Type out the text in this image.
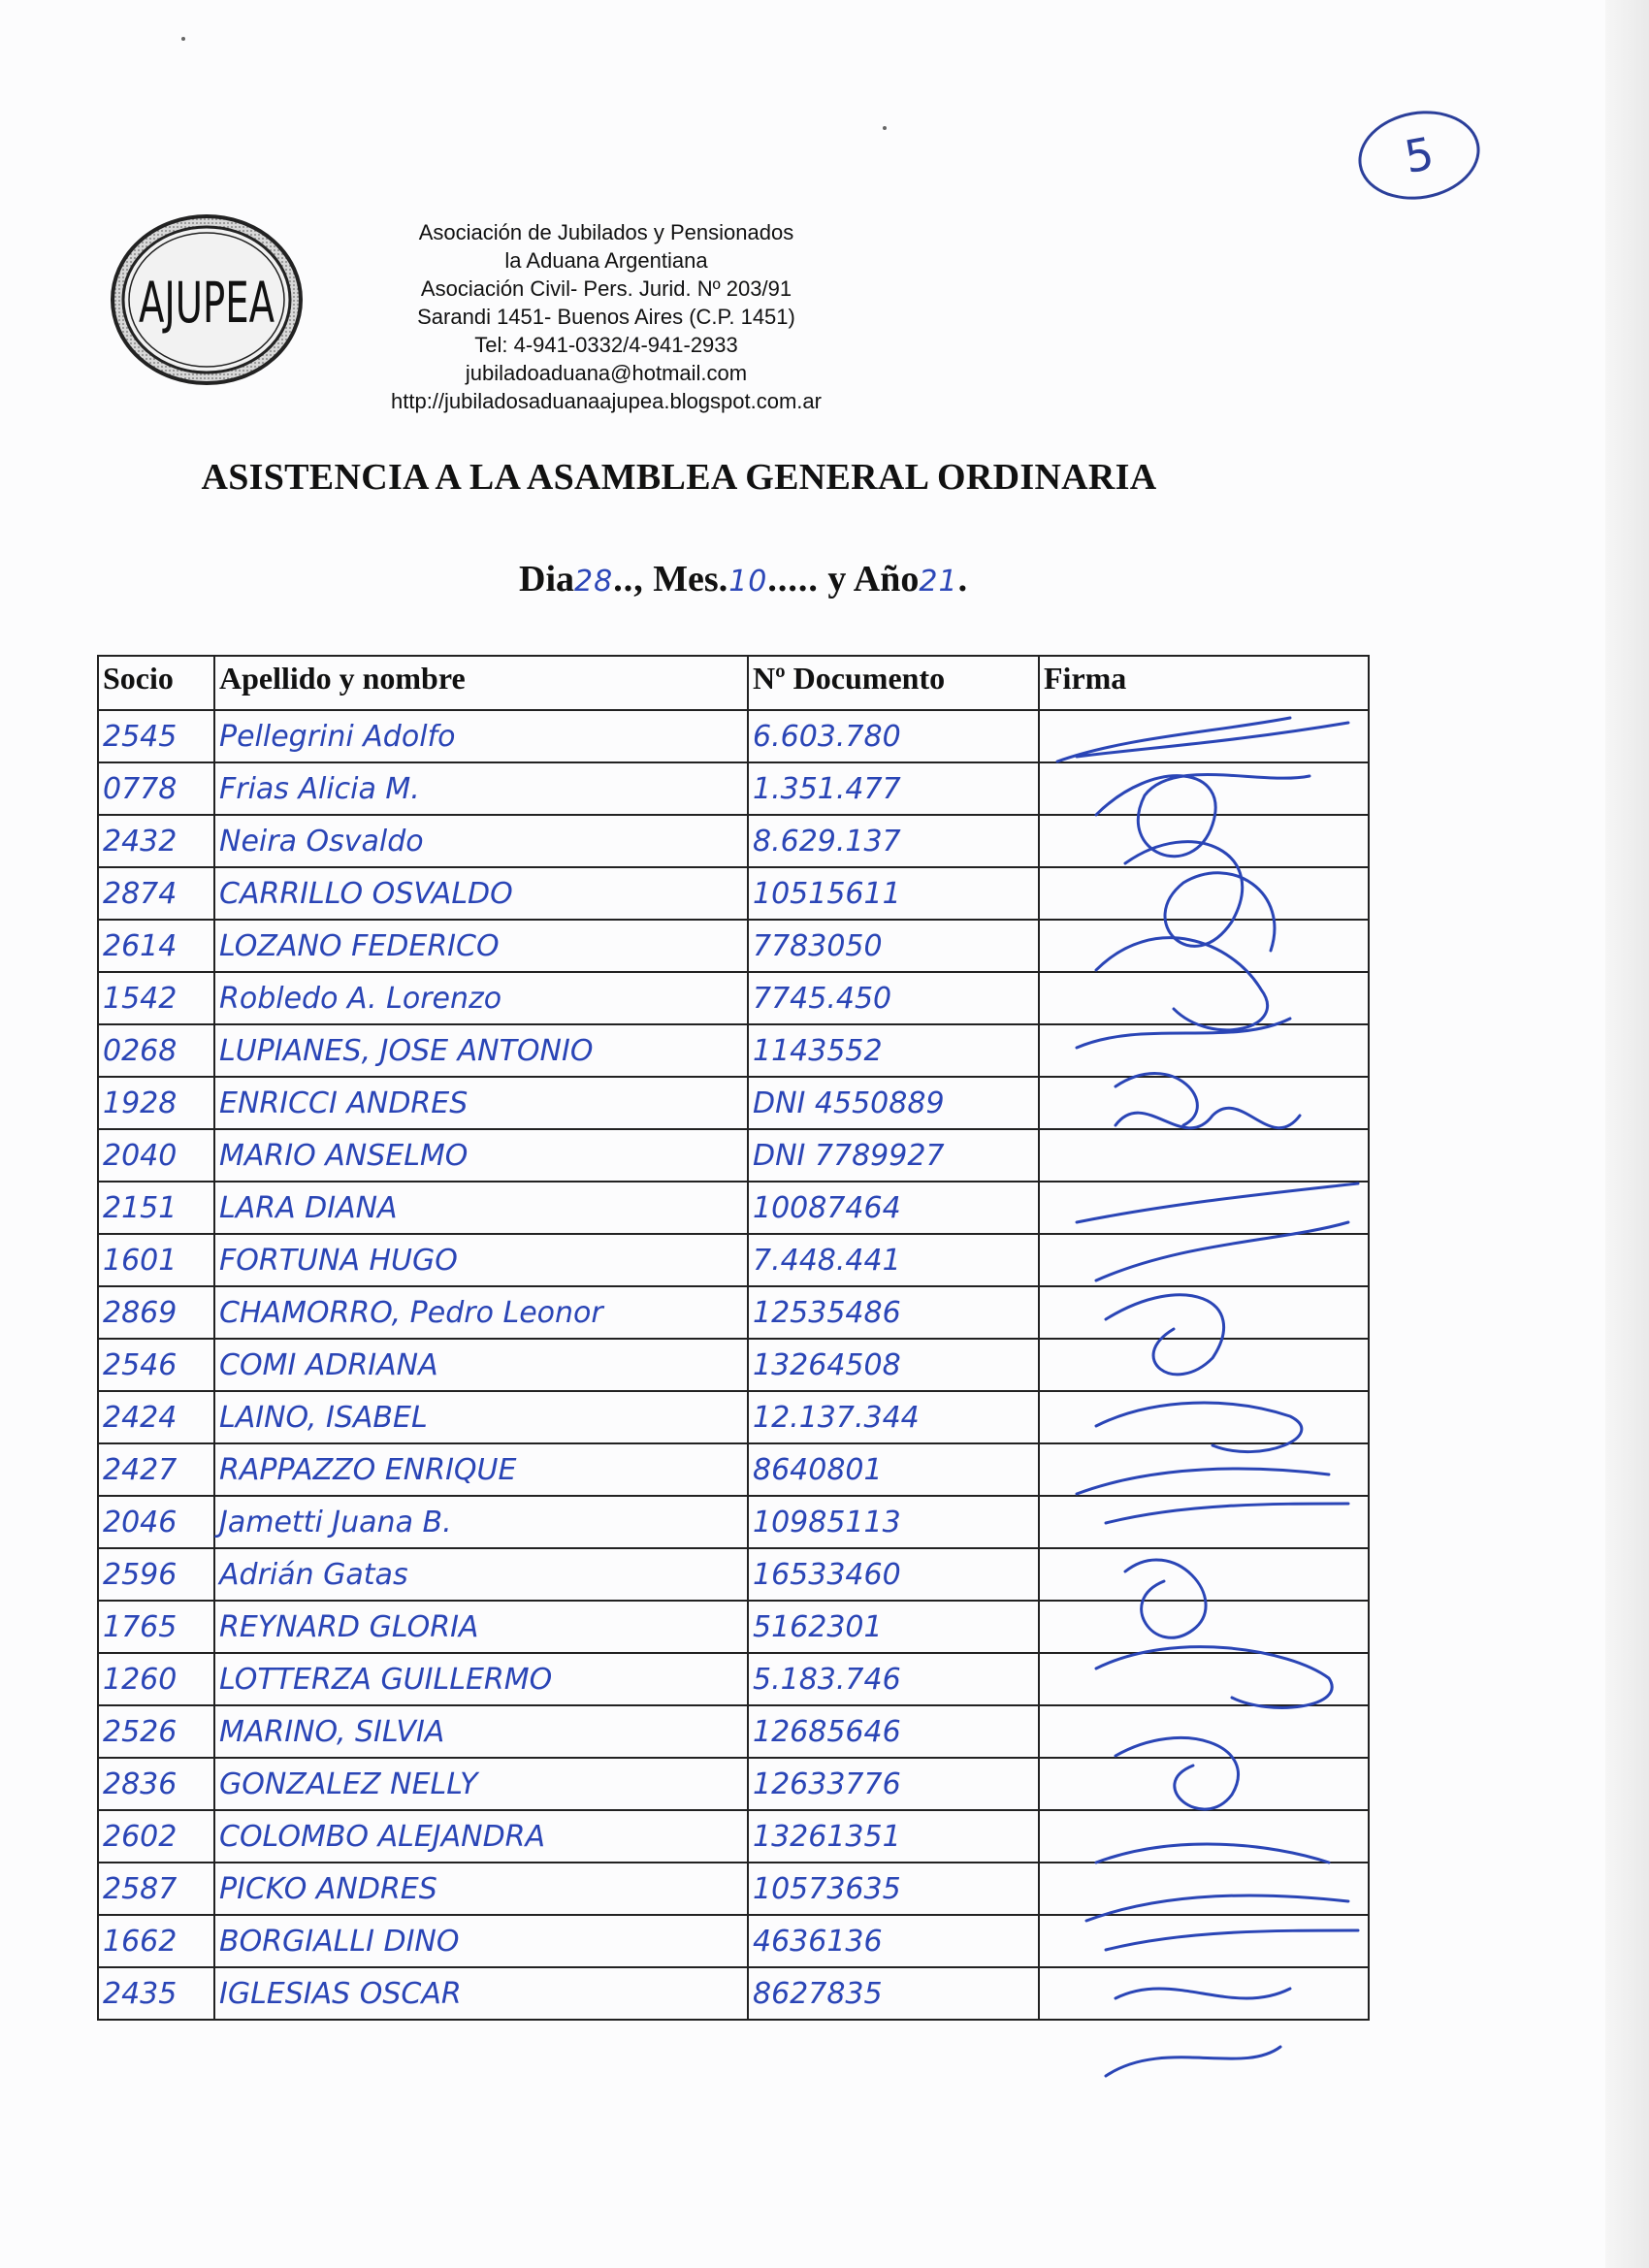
5
AJUPEA
Asociación de Jubilados y Pensionados
la Aduana Argentiana
Asociación Civil- Pers. Jurid. Nº 203/91
Sarandi 1451- Buenos Aires (C.P. 1451)
Tel: 4-941-0332/4-941-2933
jubiladoaduana@hotmail.com
http://jubiladosaduanaajupea.blogspot.com.ar
ASISTENCIA A LA ASAMBLEA GENERAL ORDINARIA
Dia28.., Mes.10..... y Año21.
Socio	Apellido y nombre	Nº Documento	Firma
2545	Pellegrini Adolfo	6.603.780	
0778	Frias Alicia M.	1.351.477	
2432	Neira Osvaldo	8.629.137	
2874	CARRILLO OSVALDO	10515611	
2614	LOZANO FEDERICO	7783050	
1542	Robledo A. Lorenzo	7745.450	
0268	LUPIANES, JOSE ANTONIO	1143552	
1928	ENRICCI ANDRES	DNI 4550889	
2040	MARIO ANSELMO	DNI 7789927	
2151	LARA DIANA	10087464	
1601	FORTUNA HUGO	7.448.441	
2869	CHAMORRO, Pedro Leonor	12535486	
2546	COMI ADRIANA	13264508	
2424	LAINO, ISABEL	12.137.344	
2427	RAPPAZZO ENRIQUE	8640801	
2046	Jametti Juana B.	10985113	
2596	Adrián Gatas	16533460	
1765	REYNARD GLORIA	5162301	
1260	LOTTERZA GUILLERMO	5.183.746	
2526	MARINO, SILVIA	12685646	
2836	GONZALEZ NELLY	12633776	
2602	COLOMBO ALEJANDRA	13261351	
2587	PICKO ANDRES	10573635	
1662	BORGIALLI DINO	4636136	
2435	IGLESIAS OSCAR	8627835	
